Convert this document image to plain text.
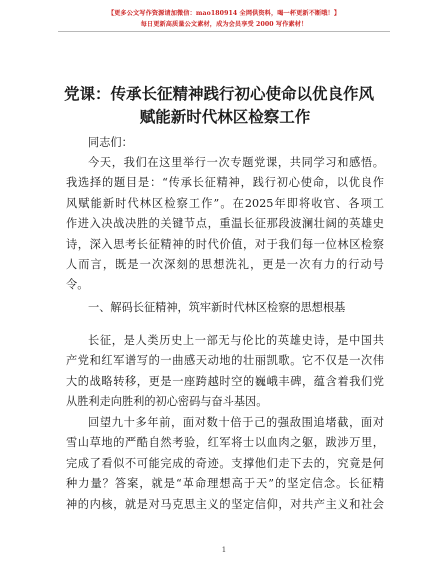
【更多公文写作资源请加微信：mao180914 全网供资料，喝一杯更新不断哦！】
每日更新高质量公文素材，成为会员享受 2000 写作素材！
党课：传承长征精神践行初心使命以优良作风
赋能新时代林区检察工作

同志们：

今天，我们在这里举行一次专题党课，共同学习和感悟。
我选择的题目是：“传承长征精神，践行初心使命，以优良作
风赋能新时代林区检察工作”。在2025年即将收官、各项工
作进入决战决胜的关键节点，重温长征那段波澜壮阔的英雄史
诗，深入思考长征精神的时代价值，对于我们每一位林区检察
人而言，既是一次深刻的思想洗礼，更是一次有力的行动号
令。

一、解码长征精神，筑牢新时代林区检察的思想根基

长征，是人类历史上一部无与伦比的英雄史诗，是中国共
产党和红军谱写的一曲感天动地的壮丽凯歌。它不仅是一次伟
大的战略转移，更是一座跨越时空的巍峨丰碑，蕴含着我们党
从胜利走向胜利的初心密码与奋斗基因。

回望九十多年前，面对数十倍于己的强敌围追堵截，面对
雪山草地的严酷自然考验，红军将士以血肉之躯，跋涉万里，
完成了看似不可能完成的奇迹。支撑他们走下去的，究竟是何
种力量？答案，就是“革命理想高于天”的坚定信念。长征精
神的内核，就是对马克思主义的坚定信仰，对共产主义和社会

1
